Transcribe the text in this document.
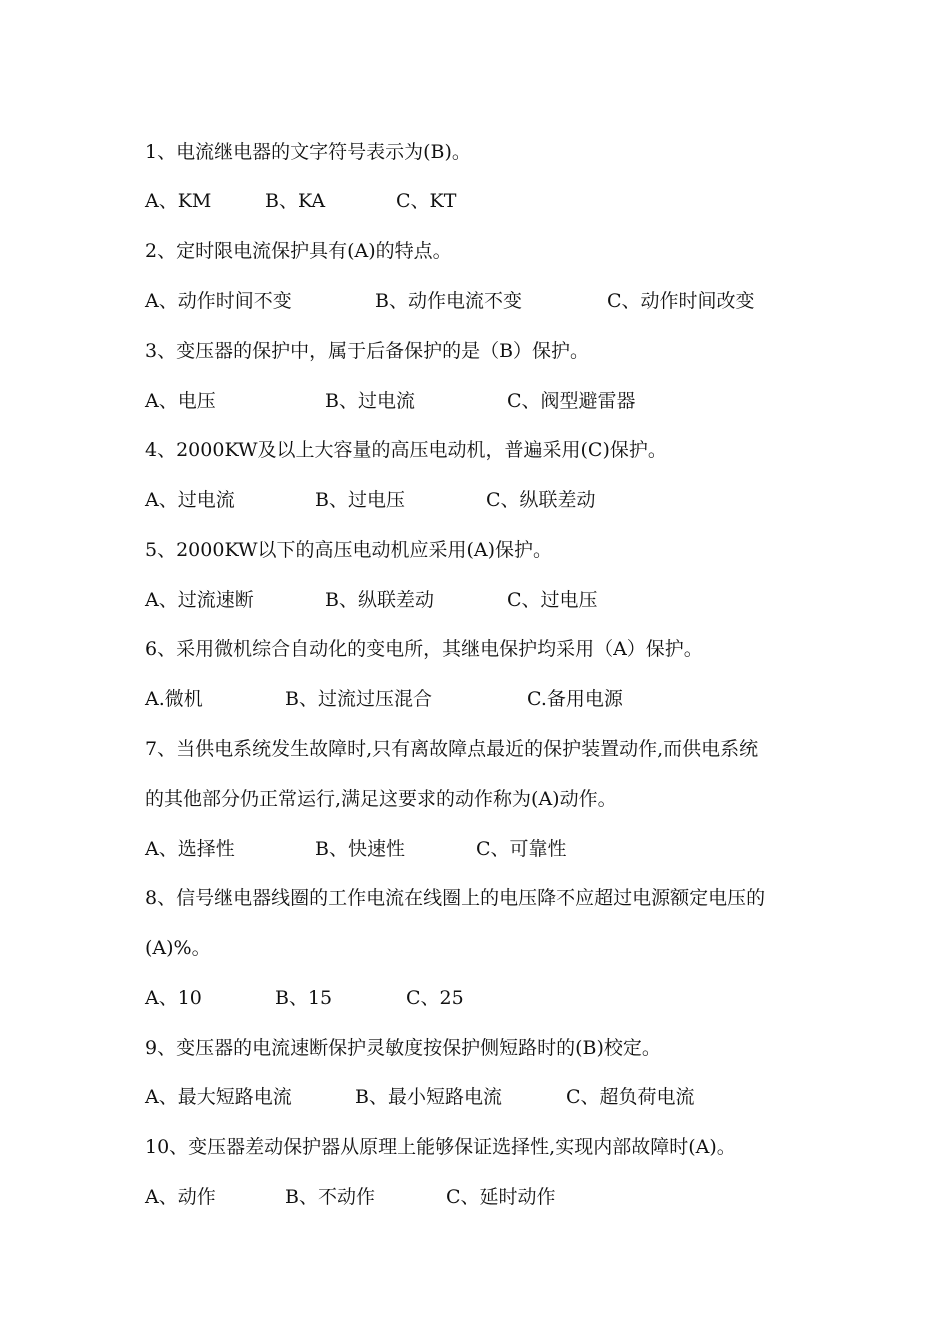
1、电流继电器的文字符号表示为(B)。
A、KM	B、KA	C、KT
2、定时限电流保护具有(A)的特点。
A、动作时间不变	B、动作电流不变	C、动作时间改变
3、变压器的保护中，属于后备保护的是（B）保护。
A、电压	B、过电流	C、阀型避雷器
4、2000KW及以上大容量的高压电动机，普遍采用(C)保护。
A、过电流	B、过电压	C、纵联差动
5、2000KW以下的高压电动机应采用(A)保护。
A、过流速断	B、纵联差动	C、过电压
6、采用微机综合自动化的变电所，其继电保护均采用（A）保护。
A.微机	B、过流过压混合	C.备用电源
7、当供电系统发生故障时,只有离故障点最近的保护装置动作,而供电系统
的其他部分仍正常运行,满足这要求的动作称为(A)动作。
A、选择性	B、快速性	C、可靠性
8、信号继电器线圈的工作电流在线圈上的电压降不应超过电源额定电压的
(A)%。
A、10	B、15	C、25
9、变压器的电流速断保护灵敏度按保护侧短路时的(B)校定。
A、最大短路电流	B、最小短路电流	C、超负荷电流
10、变压器差动保护器从原理上能够保证选择性,实现内部故障时(A)。
A、动作	B、不动作	C、延时动作
